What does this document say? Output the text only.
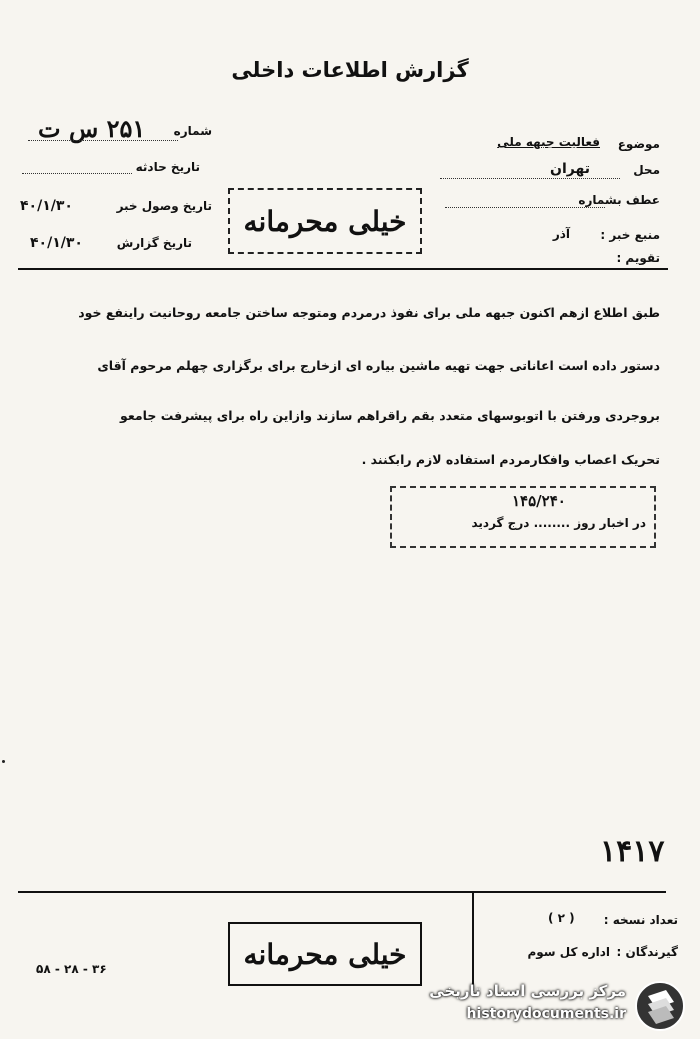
گزارش اطلاعات داخلی
شماره
۲۵۱ س ت
تاریخ حادثه
تاریخ وصول خبر
۴۰/۱/۳۰
تاریخ گزارش
۴۰/۱/۳۰
خیلی محرمانه
موضوع
فعالیت جبهه ملی
محل
تهران
عطف بشماره
منبع خبر :
آذر
تقویم :
طبق اطلاع ازهم اکنون جبهه ملی برای نفوذ درمردم ومتوجه ساختن جامعه روحانیت راینفع خود
دستور داده است اعاناتی جهت تهیه ماشین بیاره ای ازخارج برای برگزاری چهلم مرحوم آقای
بروجردی ورفتن با اتوبوسهای متعدد بقم راقراهم سازند وازاین راه برای پیشرفت جامعو
تحریک اعصاب وافکارمردم استفاده لازم رابکنند .
۱۴۵/۲۴۰
در اخبار روز ........ درج گردید
۱۴۱۷
تعداد نسخه :
( ۲ )
گیرندگان :
اداره کل سوم
خیلی محرمانه
۳۶ - ۲۸ - ۵۸
مرکز بررسی اسناد تاریخی
historydocuments.ir
